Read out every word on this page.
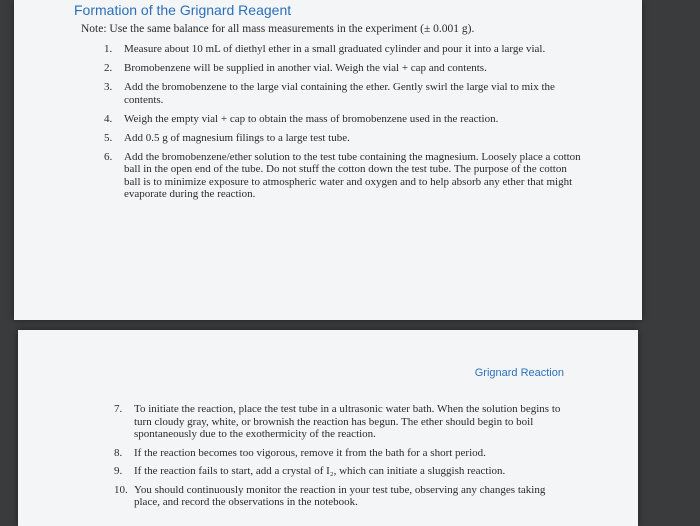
Formation of the Grignard Reagent
Note: Use the same balance for all mass measurements in the experiment (± 0.001 g).
1. Measure about 10 mL of diethyl ether in a small graduated cylinder and pour it into a large vial.
2. Bromobenzene will be supplied in another vial. Weigh the vial + cap and contents.
3. Add the bromobenzene to the large vial containing the ether. Gently swirl the large vial to mix the contents.
4. Weigh the empty vial + cap to obtain the mass of bromobenzene used in the reaction.
5. Add 0.5 g of magnesium filings to a large test tube.
6. Add the bromobenzene/ether solution to the test tube containing the magnesium. Loosely place a cotton ball in the open end of the tube. Do not stuff the cotton down the test tube. The purpose of the cotton ball is to minimize exposure to atmospheric water and oxygen and to help absorb any ether that might evaporate during the reaction.
Grignard Reaction
7. To initiate the reaction, place the test tube in a ultrasonic water bath. When the solution begins to turn cloudy gray, white, or brownish the reaction has begun. The ether should begin to boil spontaneously due to the exothermicity of the reaction.
8. If the reaction becomes too vigorous, remove it from the bath for a short period.
9. If the reaction fails to start, add a crystal of I₂, which can initiate a sluggish reaction.
10. You should continuously monitor the reaction in your test tube, observing any changes taking place, and record the observations in the notebook.
